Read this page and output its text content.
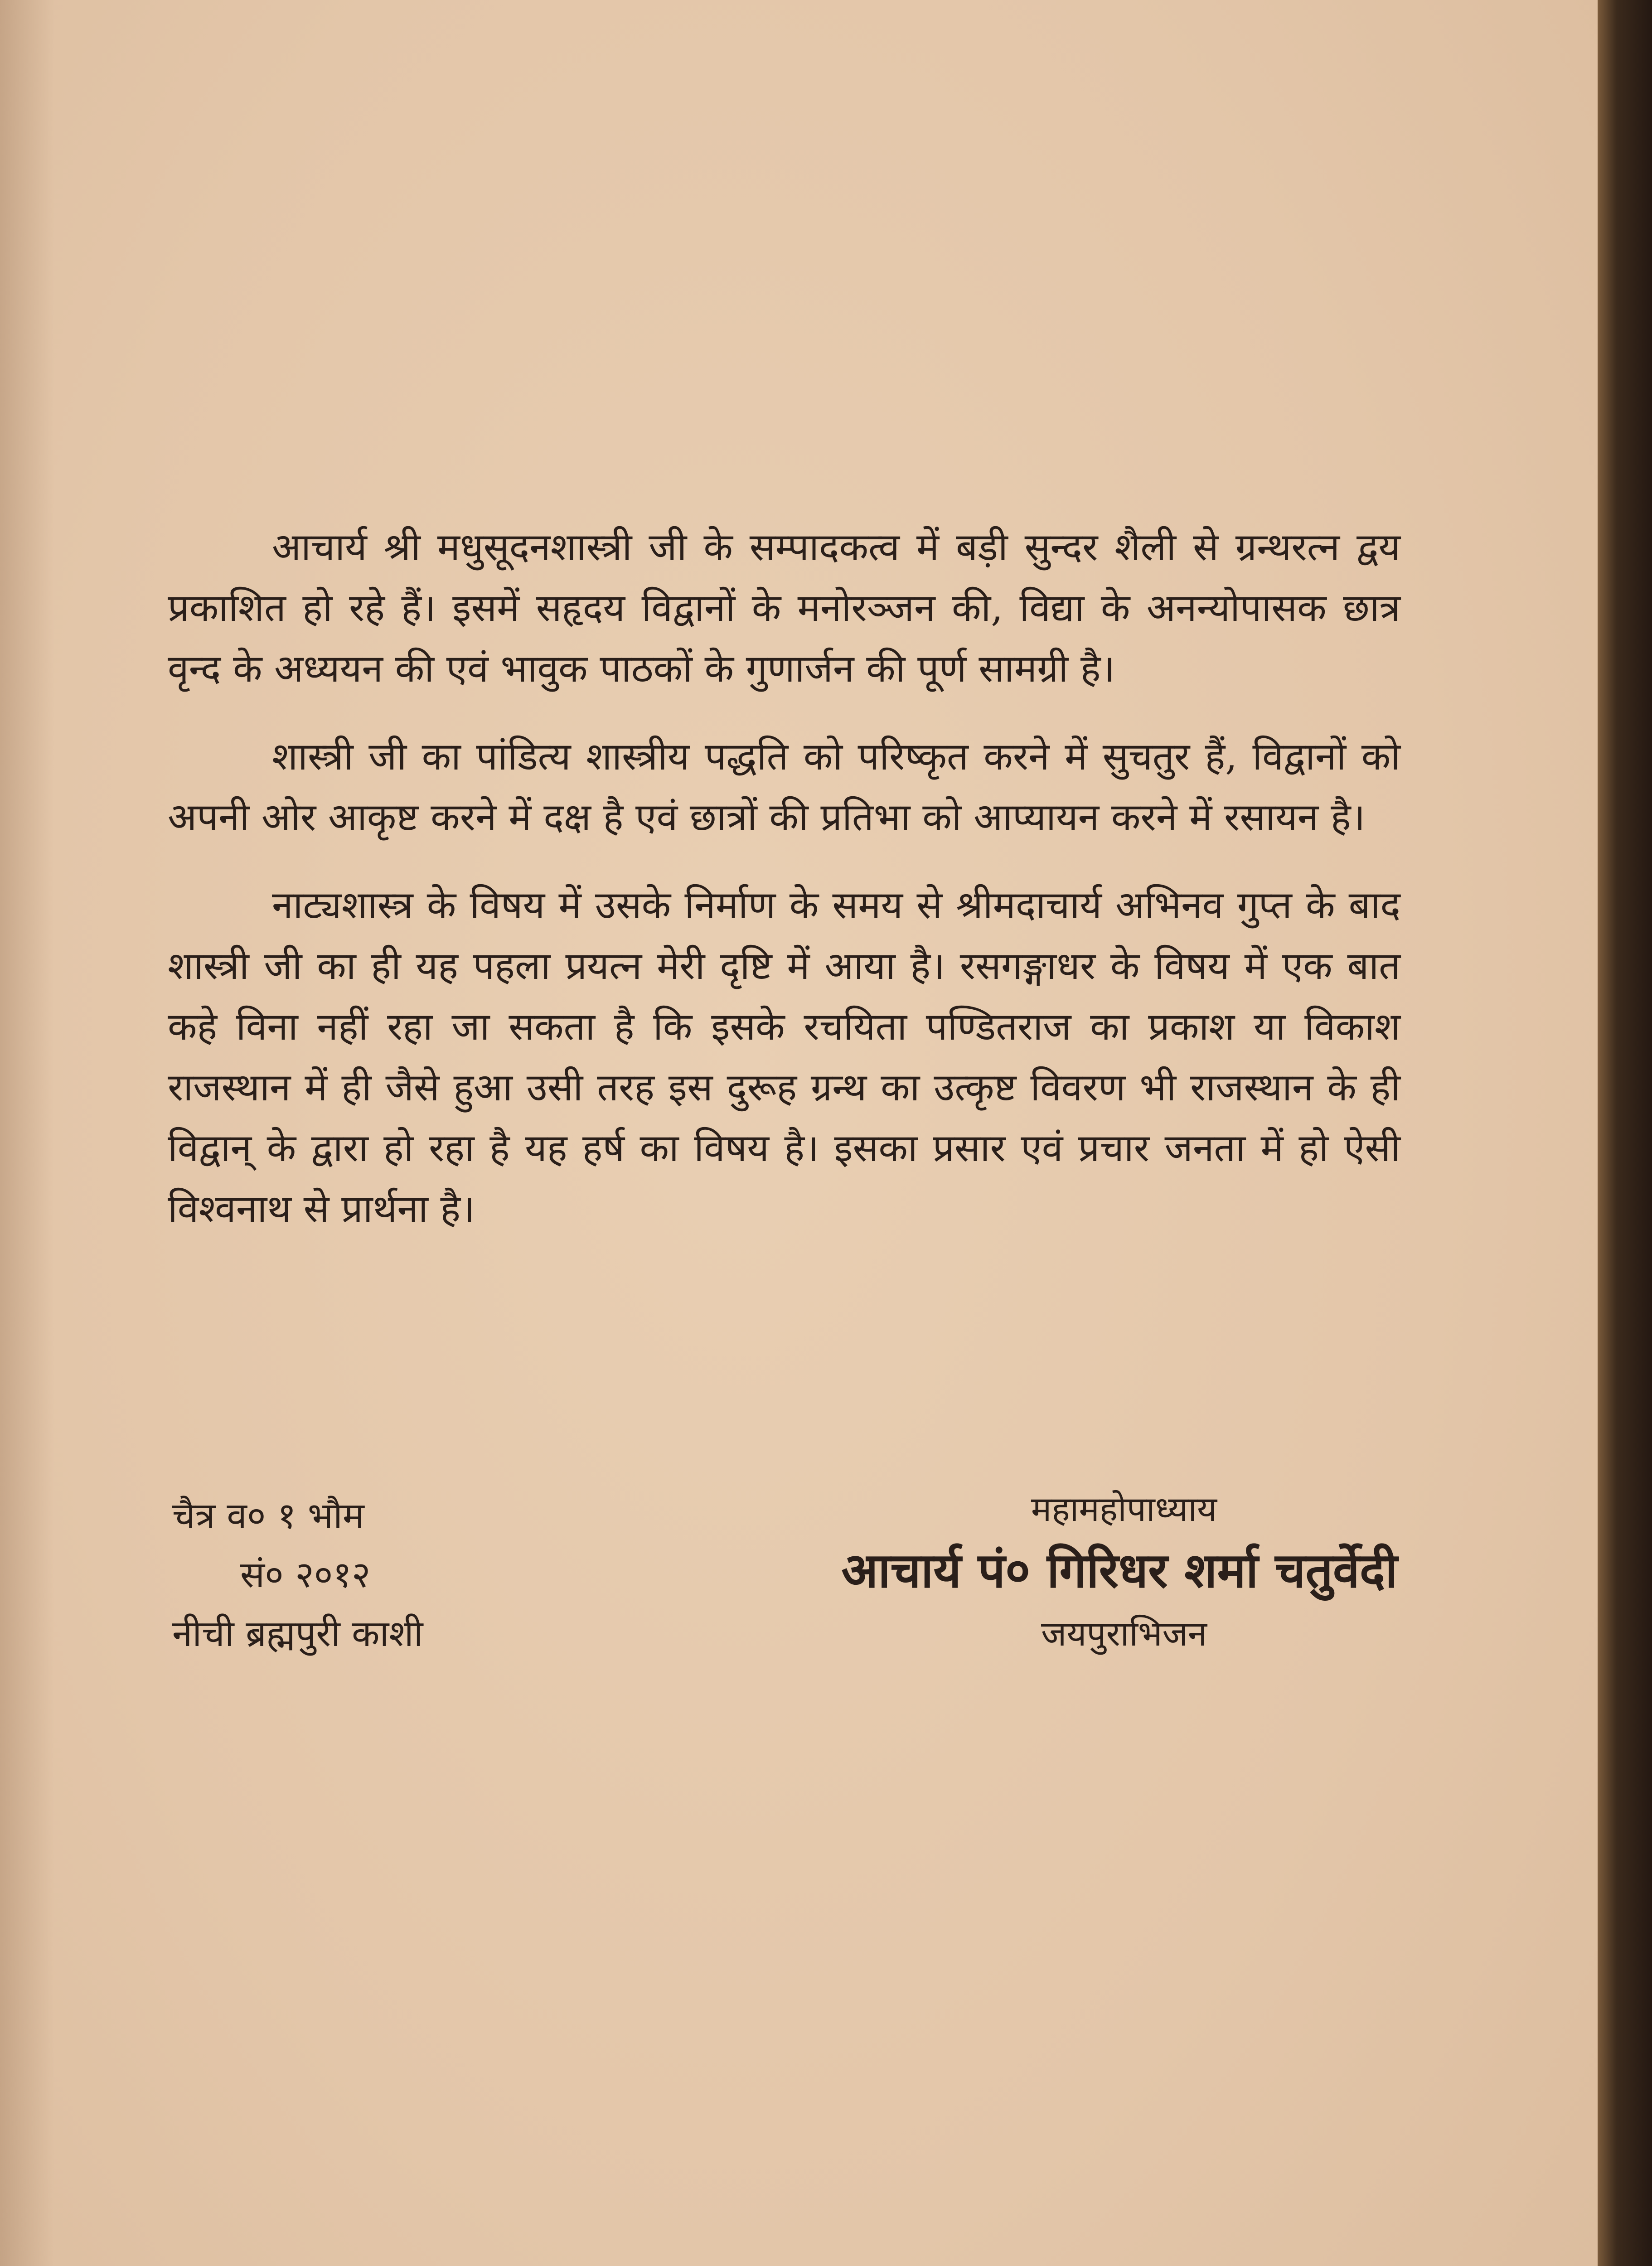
आचार्य श्री मधुसूदनशास्त्री जी के सम्पादकत्व में बड़ी सुन्दर शैली से ग्रन्थरत्न द्वय प्रकाशित हो रहे हैं। इसमें सहृदय विद्वानों के मनोरञ्जन की, विद्या के अनन्योपासक छात्र वृन्द के अध्ययन की एवं भावुक पाठकों के गुणार्जन की पूर्ण सामग्री है।

शास्त्री जी का पांडित्य शास्त्रीय पद्धति को परिष्कृत करने में सुचतुर हैं, विद्वानों को अपनी ओर आकृष्ट करने में दक्ष है एवं छात्रों की प्रतिभा को आप्यायन करने में रसायन है।

नाट्यशास्त्र के विषय में उसके निर्माण के समय से श्रीमदाचार्य अभिनव गुप्त के बाद शास्त्री जी का ही यह पहला प्रयत्न मेरी दृष्टि में आया है। रसगङ्गाधर के विषय में एक बात कहे विना नहीं रहा जा सकता है कि इसके रचयिता पण्डितराज का प्रकाश या विकाश राजस्थान में ही जैसे हुआ उसी तरह इस दुरूह ग्रन्थ का उत्कृष्ट विवरण भी राजस्थान के ही विद्वान् के द्वारा हो रहा है यह हर्ष का विषय है। इसका प्रसार एवं प्रचार जनता में हो ऐसी विश्वनाथ से प्रार्थना है।

चैत्र व० १ भौम
सं० २०१२
नीची ब्रह्मपुरी काशी
महामहोपाध्याय
आचार्य पं० गिरिधर शर्मा चतुर्वेदी
जयपुराभिजन
